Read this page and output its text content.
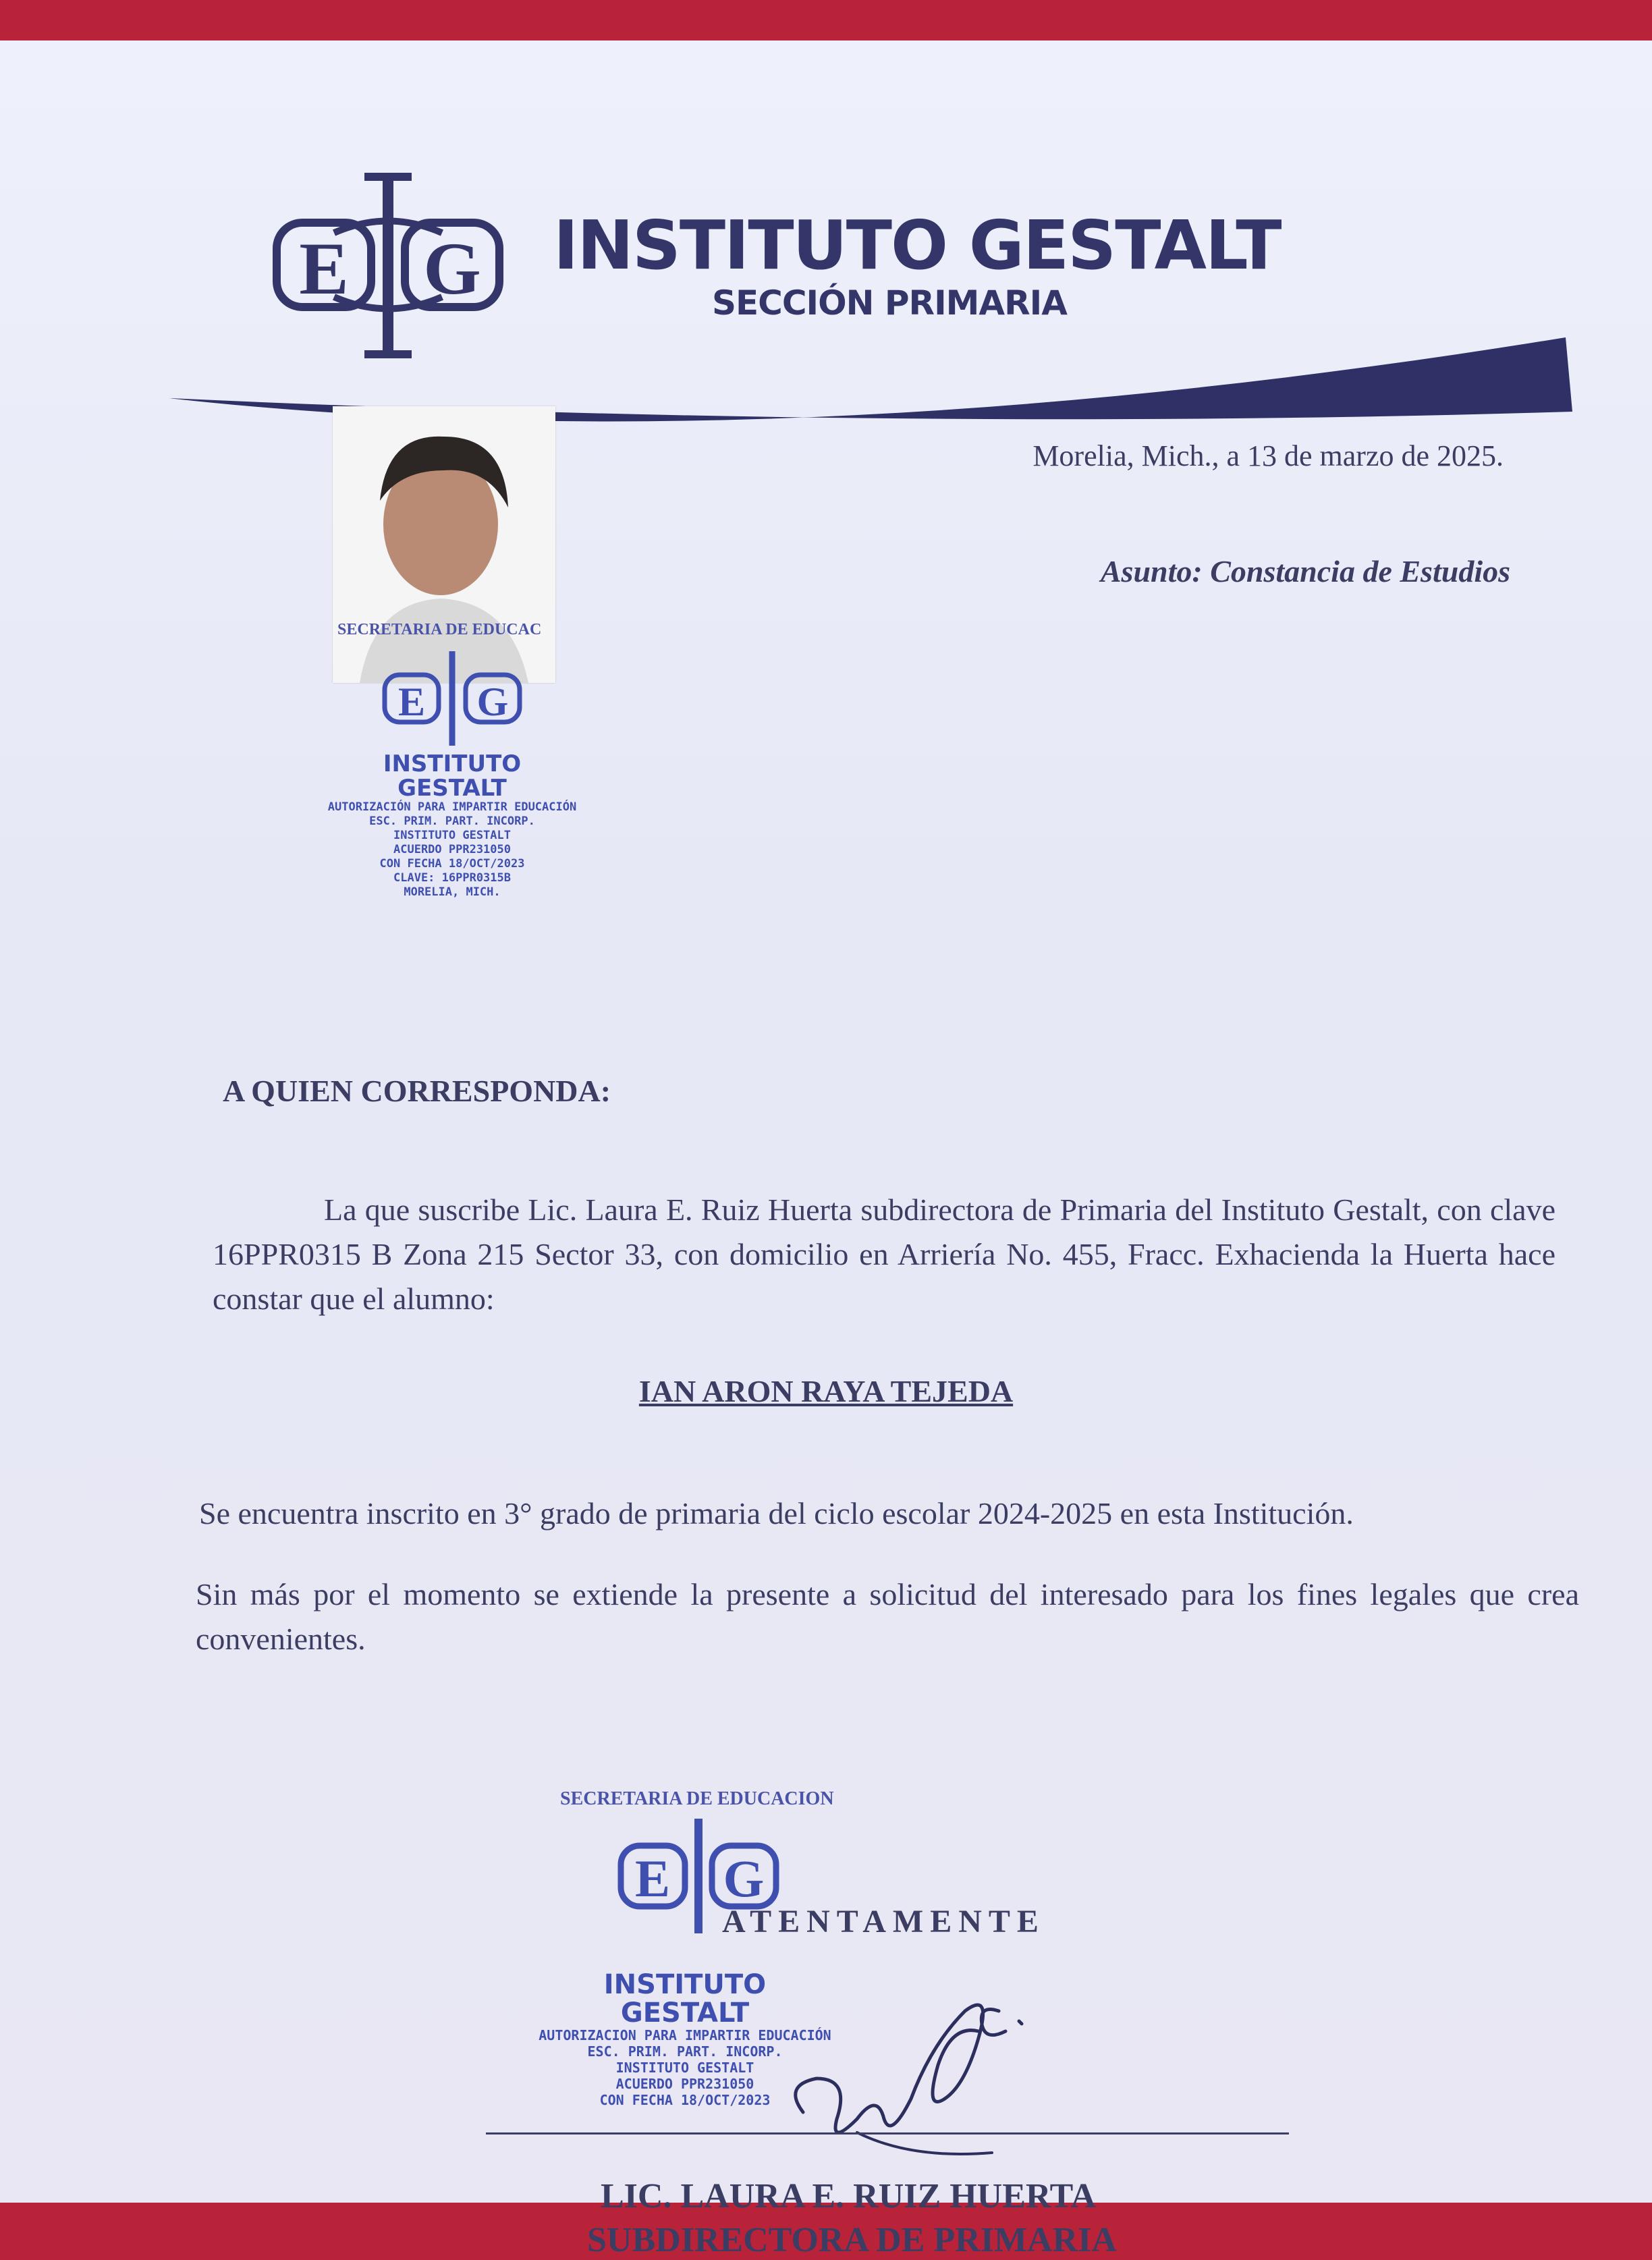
E G INSTITUTO GESTALT
SECCIÓN PRIMARIA
SECRETARIA DE EDUCAC
E G
INSTITUTO
GESTALT
AUTORIZACIÓN PARA IMPARTIR EDUCACIÓN
ESC. PRIM. PART. INCORP.
INSTITUTO GESTALT
ACUERDO PPR231050
CON FECHA 18/OCT/2023
CLAVE: 16PPR0315B
MORELIA, MICH.
Morelia, Mich., a 13 de marzo de 2025.
Asunto: Constancia de Estudios
A QUIEN CORRESPONDA:
La que suscribe Lic. Laura E. Ruiz Huerta subdirectora de Primaria del Instituto Gestalt, con clave 16PPR0315 B Zona 215 Sector 33, con domicilio en Arriería No. 455, Fracc. Exhacienda la Huerta hace constar que el alumno:
IAN ARON RAYA TEJEDA
Se encuentra inscrito en 3° grado de primaria del ciclo escolar 2024-2025 en esta Institución.
Sin más por el momento se extiende la presente a solicitud del interesado para los fines legales que crea convenientes.
SECRETARIA DE EDUCACION
E G
ATENTAMENTE
INSTITUTO
GESTALT
AUTORIZACION PARA IMPARTIR EDUCACIÓN
ESC. PRIM. PART. INCORP.
INSTITUTO GESTALT
ACUERDO PPR231050
CON FECHA 18/OCT/2023
LIC. LAURA E. RUIZ HUERTA
SUBDIRECTORA DE PRIMARIA
